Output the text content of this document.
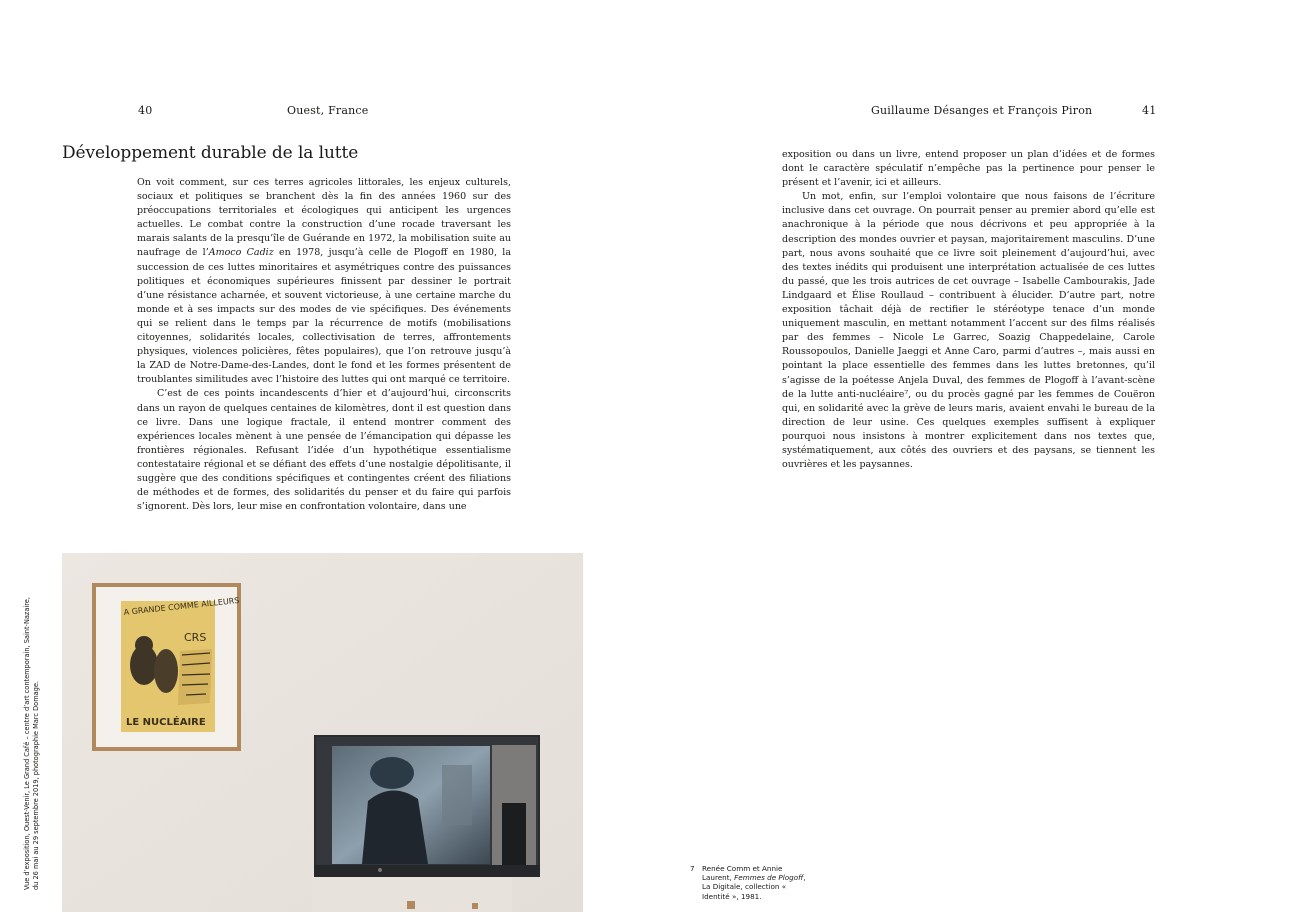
40	Ouest, France
Développement durable de la lutte

On voit comment, sur ces terres agricoles littorales, les enjeux culturels, sociaux et politiques se branchent dès la fin des années 1960 sur des préoccupations territoriales et écologiques qui anticipent les urgences actuelles. Le combat contre la construction d’une rocade traversant les marais salants de la presqu’île de Guérande en 1972, la mobilisation suite au naufrage de l’Amoco Cadiz en 1978, jusqu’à celle de Plogoff en 1980, la succession de ces luttes minoritaires et asymétriques contre des puissances politiques et économiques supérieures finissent par dessiner le portrait d’une résistance acharnée, et souvent victorieuse, à une certaine marche du monde et à ses impacts sur des modes de vie spécifiques. Des événements qui se relient dans le temps par la récurrence de motifs (mobilisations citoyennes, solidarités locales, collectivisation de terres, affrontements physiques, violences policières, fêtes populaires), que l’on retrouve jusqu’à la ZAD de Notre-Dame-des-Landes, dont le fond et les formes présentent de troublantes similitudes avec l’histoire des luttes qui ont marqué ce territoire.

C’est de ces points incandescents d’hier et d’aujourd’hui, circonscrits dans un rayon de quelques centaines de kilomètres, dont il est question dans ce livre. Dans une logique fractale, il entend montrer comment des expériences locales mènent à une pensée de l’émancipation qui dépasse les frontières régionales. Refusant l’idée d’un hypothétique essentialisme contestataire régional et se défiant des effets d’une nostalgie dépolitisante, il suggère que des conditions spécifiques et contingentes créent des filiations de méthodes et de formes, des solidarités du penser et du faire qui parfois s’ignorent. Dès lors, leur mise en confrontation volontaire, dans une

Vue d’exposition, Ouest-Venir, Le Grand Café – centre d’art contemporain, Saint-Nazaire, du 26 mai au 29 septembre 2019, photographie Marc Domage.
A GRANDE COMME AILLEURS
CRS
LE NUCLÉAIRE
Guillaume Désanges et François Piron	41

exposition ou dans un livre, entend proposer un plan d’idées et de formes dont le caractère spéculatif n’empêche pas la pertinence pour penser le présent et l’avenir, ici et ailleurs.

Un mot, enfin, sur l’emploi volontaire que nous faisons de l’écriture inclusive dans cet ouvrage. On pourrait penser au premier abord qu’elle est anachronique à la période que nous décrivons et peu appropriée à la description des mondes ouvrier et paysan, majoritairement masculins. D’une part, nous avons souhaité que ce livre soit pleinement d’aujourd’hui, avec des textes inédits qui produisent une interprétation actualisée de ces luttes du passé, que les trois autrices de cet ouvrage – Isabelle Cambourakis, Jade Lindgaard et Élise Roullaud – contribuent à élucider. D’autre part, notre exposition tâchait déjà de rectifier le stéréotype tenace d’un monde uniquement masculin, en mettant notamment l’accent sur des films réalisés par des femmes – Nicole Le Garrec, Soazig Chappedelaine, Carole Roussopoulos, Danielle Jaeggi et Anne Caro, parmi d’autres –, mais aussi en pointant la place essentielle des femmes dans les luttes bretonnes, qu’il s’agisse de la poétesse Anjela Duval, des femmes de Plogoff à l’avant-scène de la lutte anti-nucléaire⁷, ou du procès gagné par les femmes de Couëron qui, en solidarité avec la grève de leurs maris, avaient envahi le bureau de la direction de leur usine. Ces quelques exemples suffisent à expliquer pourquoi nous insistons à montrer explicitement dans nos textes que, systématiquement, aux côtés des ouvriers et des paysans, se tiennent les ouvrières et les paysannes.

7	Renée Comm et Annie Laurent, Femmes de Plogoff, La Digitale, collection « Identité », 1981.
